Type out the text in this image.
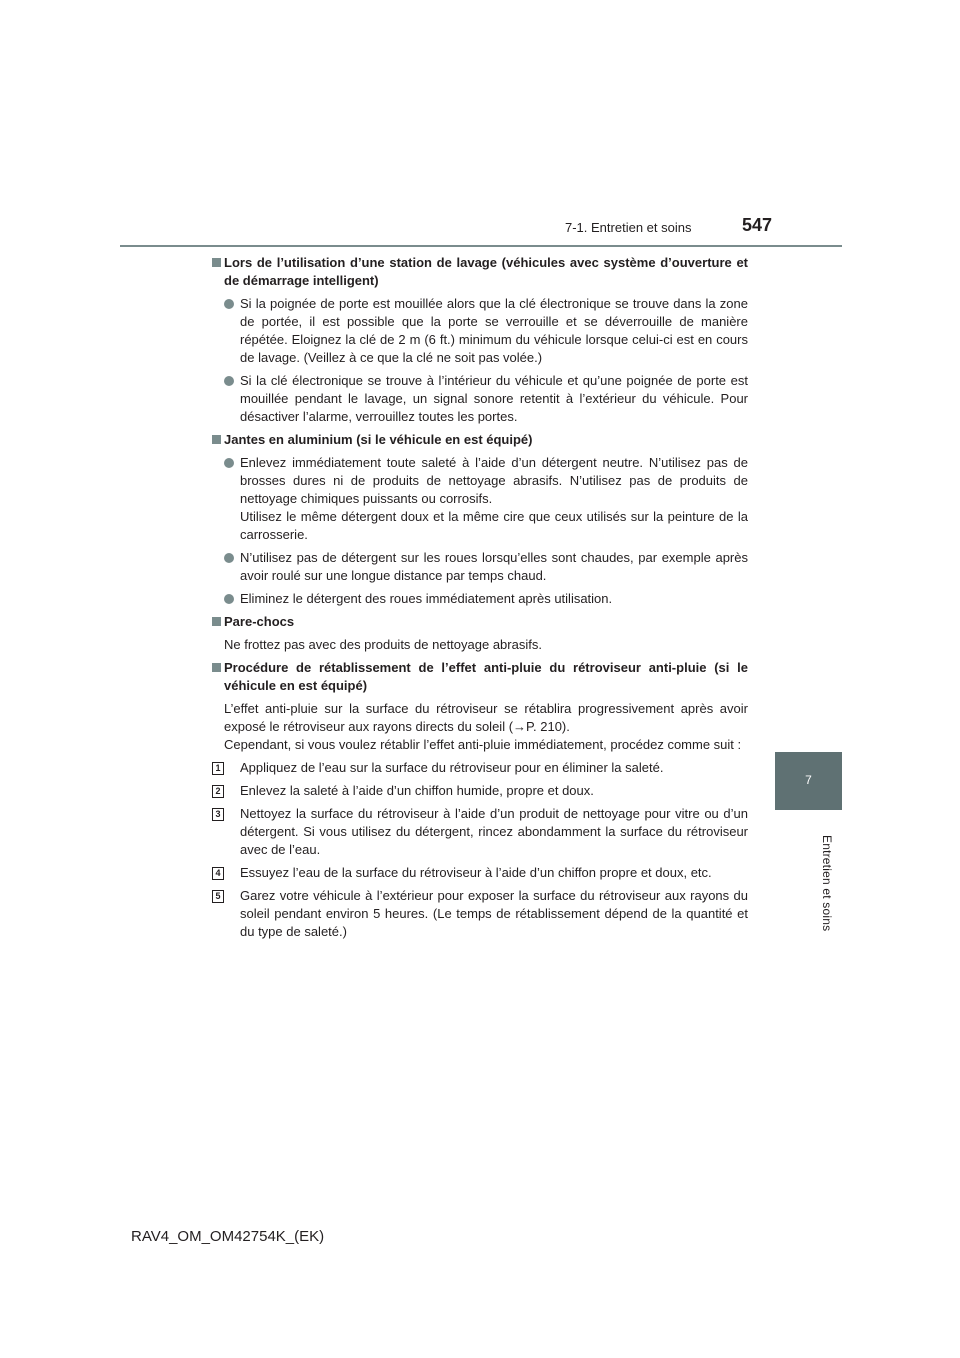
7-1. Entretien et soins	547
7
Entretien et soins
Lors de l’utilisation d’une station de lavage (véhicules avec système d’ouverture et de démarrage intelligent)
Si la poignée de porte est mouillée alors que la clé électronique se trouve dans la zone de portée, il est possible que la porte se verrouille et se déverrouille de manière répétée. Eloignez la clé de 2 m (6 ft.) minimum du véhicule lorsque celui-ci est en cours de lavage. (Veillez à ce que la clé ne soit pas volée.)
Si la clé électronique se trouve à l’intérieur du véhicule et qu’une poignée de porte est mouillée pendant le lavage, un signal sonore retentit à l’extérieur du véhicule. Pour désactiver l’alarme, verrouillez toutes les portes.
Jantes en aluminium (si le véhicule en est équipé)
Enlevez immédiatement toute saleté à l’aide d’un détergent neutre. N’utilisez pas de brosses dures ni de produits de nettoyage abrasifs. N’utilisez pas de produits de nettoyage chimiques puissants ou corrosifs.
Utilisez le même détergent doux et la même cire que ceux utilisés sur la peinture de la carrosserie.
N’utilisez pas de détergent sur les roues lorsqu’elles sont chaudes, par exemple après avoir roulé sur une longue distance par temps chaud.
Eliminez le détergent des roues immédiatement après utilisation.
Pare-chocs
Ne frottez pas avec des produits de nettoyage abrasifs.
Procédure de rétablissement de l’effet anti-pluie du rétroviseur anti-pluie (si le véhicule en est équipé)
L’effet anti-pluie sur la surface du rétroviseur se rétablira progressivement après avoir exposé le rétroviseur aux rayons directs du soleil (→P. 210).
Cependant, si vous voulez rétablir l’effet anti-pluie immédiatement, procédez comme suit :
1 Appliquez de l’eau sur la surface du rétroviseur pour en éliminer la saleté.
2 Enlevez la saleté à l’aide d’un chiffon humide, propre et doux.
3 Nettoyez la surface du rétroviseur à l’aide d’un produit de nettoyage pour vitre ou d’un détergent. Si vous utilisez du détergent, rincez abondamment la surface du rétroviseur avec de l’eau.
4 Essuyez l’eau de la surface du rétroviseur à l’aide d’un chiffon propre et doux, etc.
5 Garez votre véhicule à l’extérieur pour exposer la surface du rétroviseur aux rayons du soleil pendant environ 5 heures. (Le temps de rétablissement dépend de la quantité et du type de saleté.)
RAV4_OM_OM42754K_(EK)
